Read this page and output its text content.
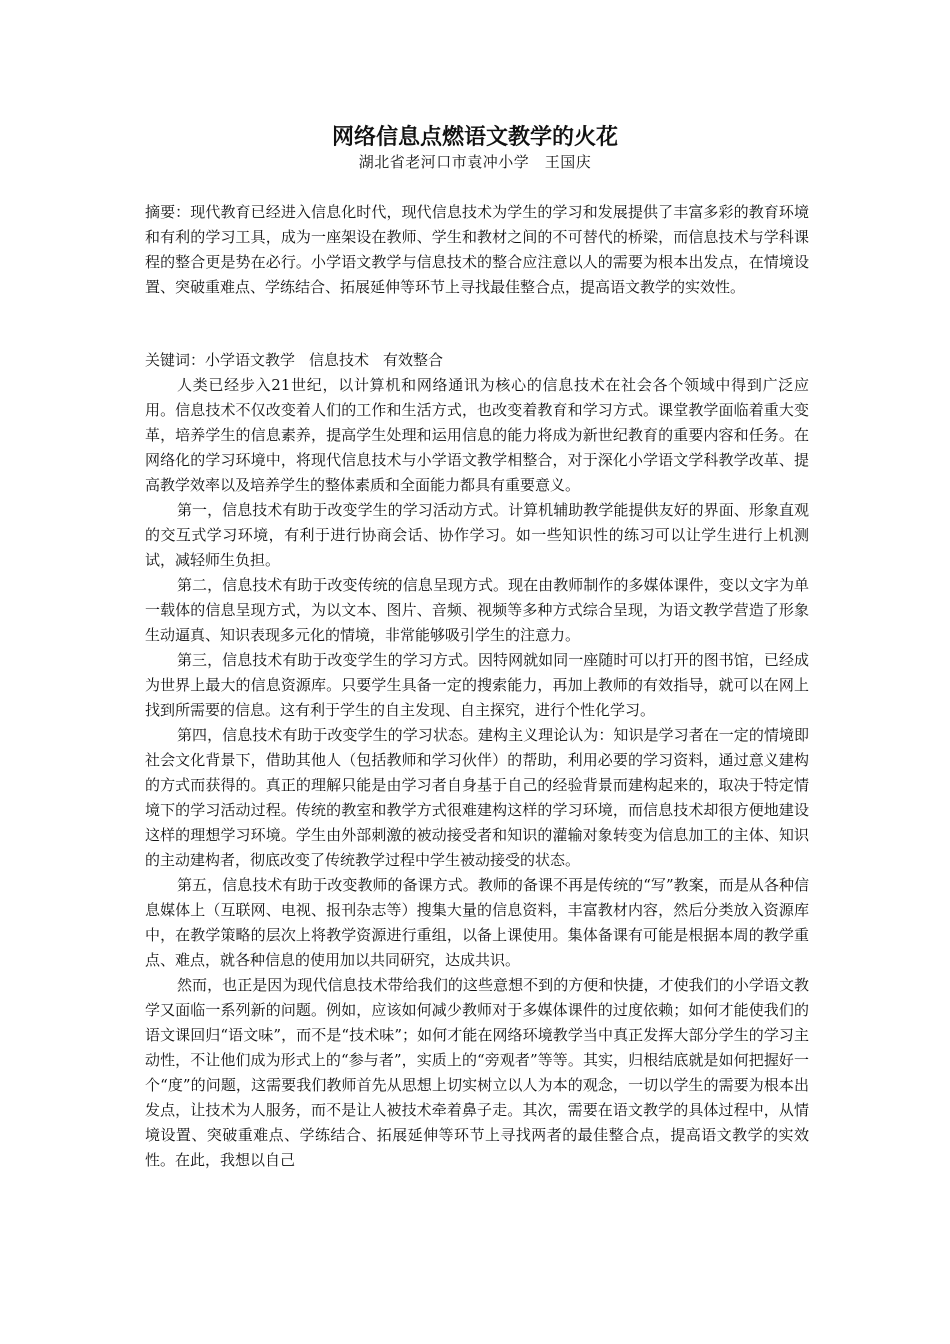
网络信息点燃语文教学的火花
湖北省老河口市袁冲小学　王国庆
摘要：现代教育已经进入信息化时代，现代信息技术为学生的学习和发展提供了丰富多彩的教育环境和有利的学习工具，成为一座架设在教师、学生和教材之间的不可替代的桥梁，而信息技术与学科课程的整合更是势在必行。小学语文教学与信息技术的整合应注意以人的需要为根本出发点，在情境设置、突破重难点、学练结合、拓展延伸等环节上寻找最佳整合点，提高语文教学的实效性。
关键词：小学语文教学 信息技术 有效整合

人类已经步入21世纪，以计算机和网络通讯为核心的信息技术在社会各个领域中得到广泛应用。信息技术不仅改变着人们的工作和生活方式，也改变着教育和学习方式。课堂教学面临着重大变革，培养学生的信息素养，提高学生处理和运用信息的能力将成为新世纪教育的重要内容和任务。在网络化的学习环境中，将现代信息技术与小学语文教学相整合，对于深化小学语文学科教学改革、提高教学效率以及培养学生的整体素质和全面能力都具有重要意义。

第一，信息技术有助于改变学生的学习活动方式。计算机辅助教学能提供友好的界面、形象直观的交互式学习环境，有利于进行协商会话、协作学习。如一些知识性的练习可以让学生进行上机测试，减轻师生负担。

第二，信息技术有助于改变传统的信息呈现方式。现在由教师制作的多媒体课件，变以文字为单一载体的信息呈现方式，为以文本、图片、音频、视频等多种方式综合呈现，为语文教学营造了形象生动逼真、知识表现多元化的情境，非常能够吸引学生的注意力。

第三，信息技术有助于改变学生的学习方式。因特网就如同一座随时可以打开的图书馆，已经成为世界上最大的信息资源库。只要学生具备一定的搜索能力，再加上教师的有效指导，就可以在网上找到所需要的信息。这有利于学生的自主发现、自主探究，进行个性化学习。

第四，信息技术有助于改变学生的学习状态。建构主义理论认为：知识是学习者在一定的情境即社会文化背景下，借助其他人（包括教师和学习伙伴）的帮助，利用必要的学习资料，通过意义建构的方式而获得的。真正的理解只能是由学习者自身基于自己的经验背景而建构起来的，取决于特定情境下的学习活动过程。传统的教室和教学方式很难建构这样的学习环境，而信息技术却很方便地建设这样的理想学习环境。学生由外部刺激的被动接受者和知识的灌输对象转变为信息加工的主体、知识的主动建构者，彻底改变了传统教学过程中学生被动接受的状态。

第五，信息技术有助于改变教师的备课方式。教师的备课不再是传统的“写”教案，而是从各种信息媒体上（互联网、电视、报刊杂志等）搜集大量的信息资料，丰富教材内容，然后分类放入资源库中，在教学策略的层次上将教学资源进行重组，以备上课使用。集体备课有可能是根据本周的教学重点、难点，就各种信息的使用加以共同研究，达成共识。

然而，也正是因为现代信息技术带给我们的这些意想不到的方便和快捷，才使我们的小学语文教学又面临一系列新的问题。例如，应该如何减少教师对于多媒体课件的过度依赖；如何才能使我们的语文课回归“语文味”，而不是“技术味”；如何才能在网络环境教学当中真正发挥大部分学生的学习主动性，不让他们成为形式上的“参与者”，实质上的“旁观者”等等。其实，归根结底就是如何把握好一个“度”的问题，这需要我们教师首先从思想上切实树立以人为本的观念，一切以学生的需要为根本出发点，让技术为人服务，而不是让人被技术牵着鼻子走。其次，需要在语文教学的具体过程中，从情境设置、突破重难点、学练结合、拓展延伸等环节上寻找两者的最佳整合点，提高语文教学的实效性。在此，我想以自己
